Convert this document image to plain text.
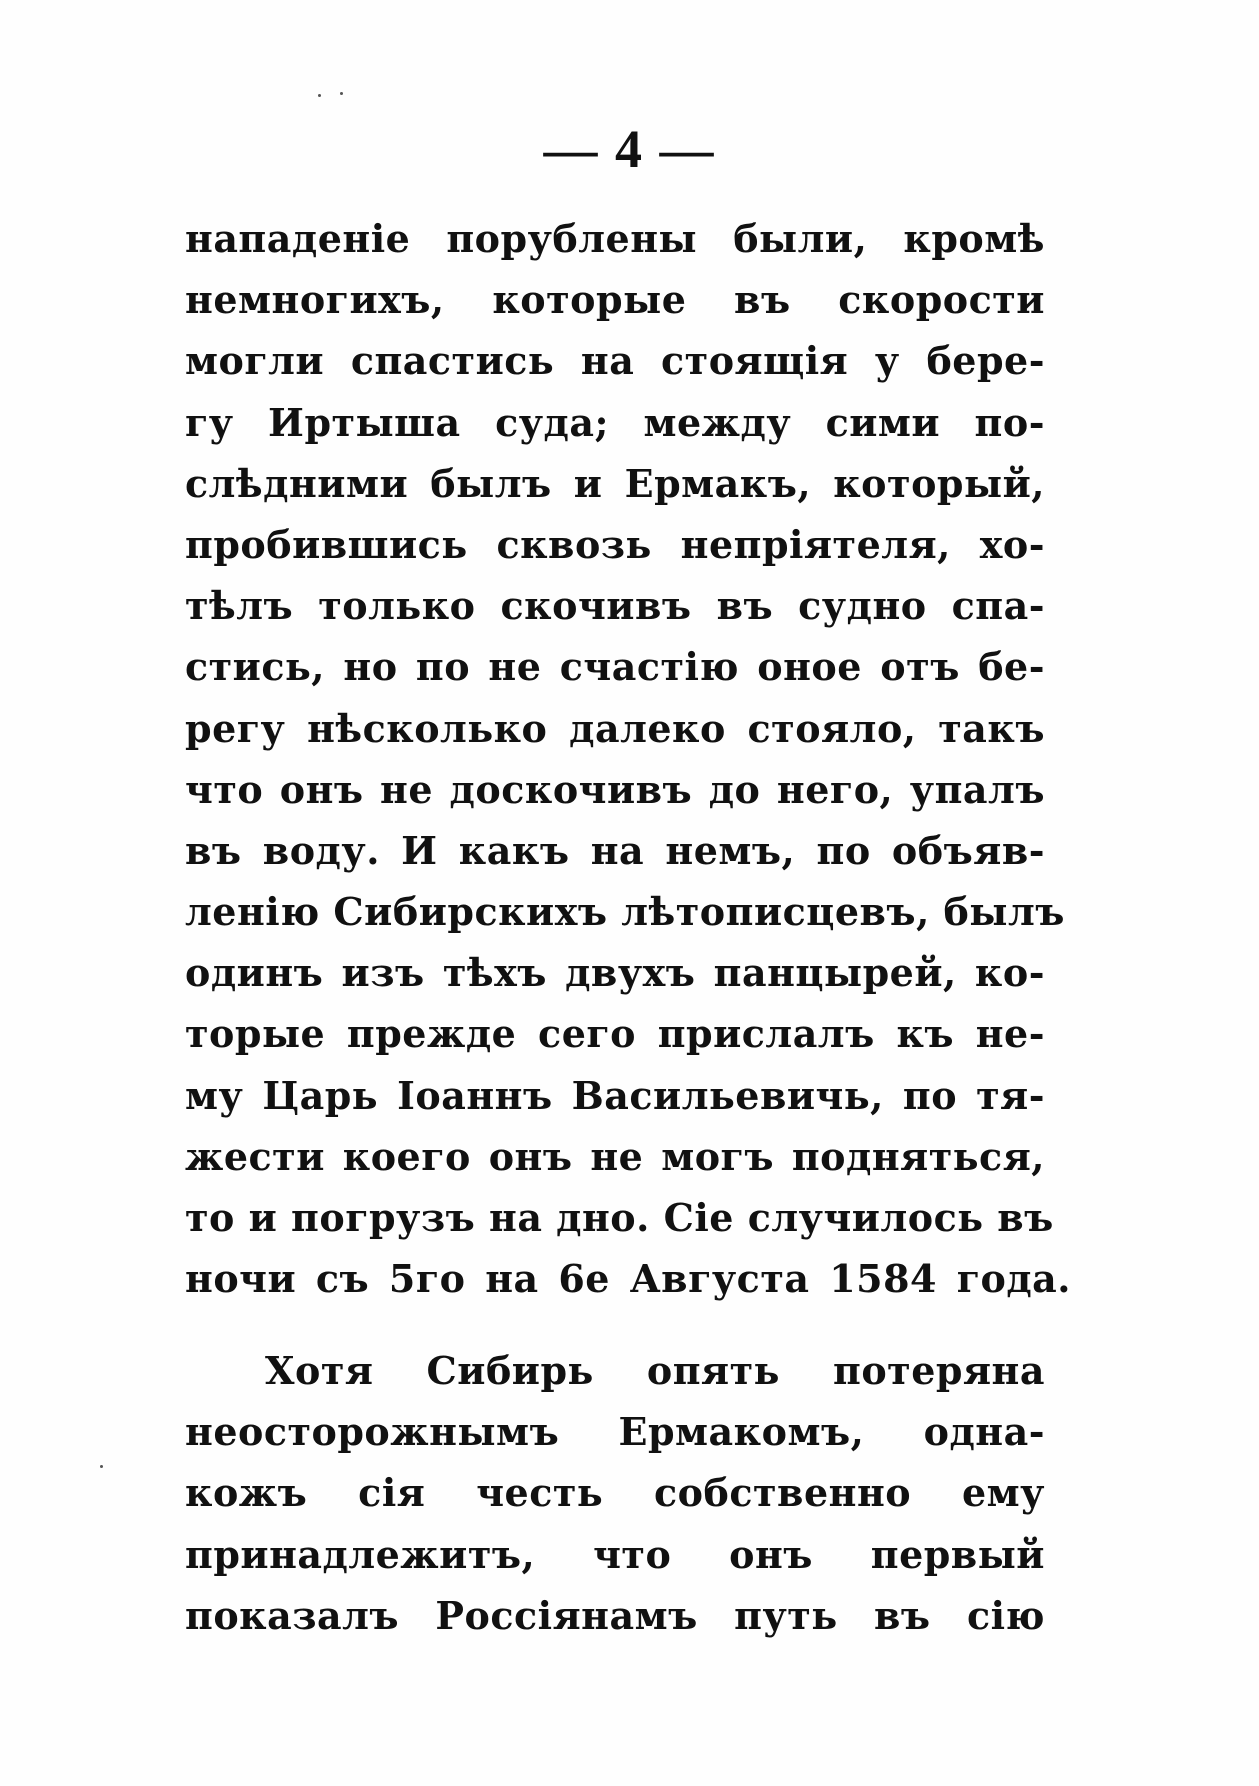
— 4 —
нападеніе порублены были, кромѣ
немногихъ, которые въ скорости
могли спастись на стоящія у бере-
гу Иртыша суда; между сими по-
слѣдними былъ и Ермакъ, который,
пробившись сквозь непріятеля, хо-
тѣлъ только скочивъ въ судно спа-
стись, но по не счастію оное отъ бе-
регу нѣсколько далеко стояло, такъ
что онъ не доскочивъ до него, упалъ
въ воду. И какъ на немъ, по объяв-
ленію Сибирскихъ лѣтописцевъ, былъ
одинъ изъ тѣхъ двухъ панцырей, ко-
торые прежде сего прислалъ къ не-
му Царь Іоаннъ Васильевичь, по тя-
жести коего онъ не могъ подняться,
то и погрузъ на дно. Сіе случилось въ
ночи съ 5го на 6е Августа 1584 года.
Хотя Сибирь опять потеряна
неосторожнымъ Ермакомъ, одна-
кожъ сія честь собственно ему
принадлежитъ, что онъ первый
показалъ Россіянамъ путь въ сію
